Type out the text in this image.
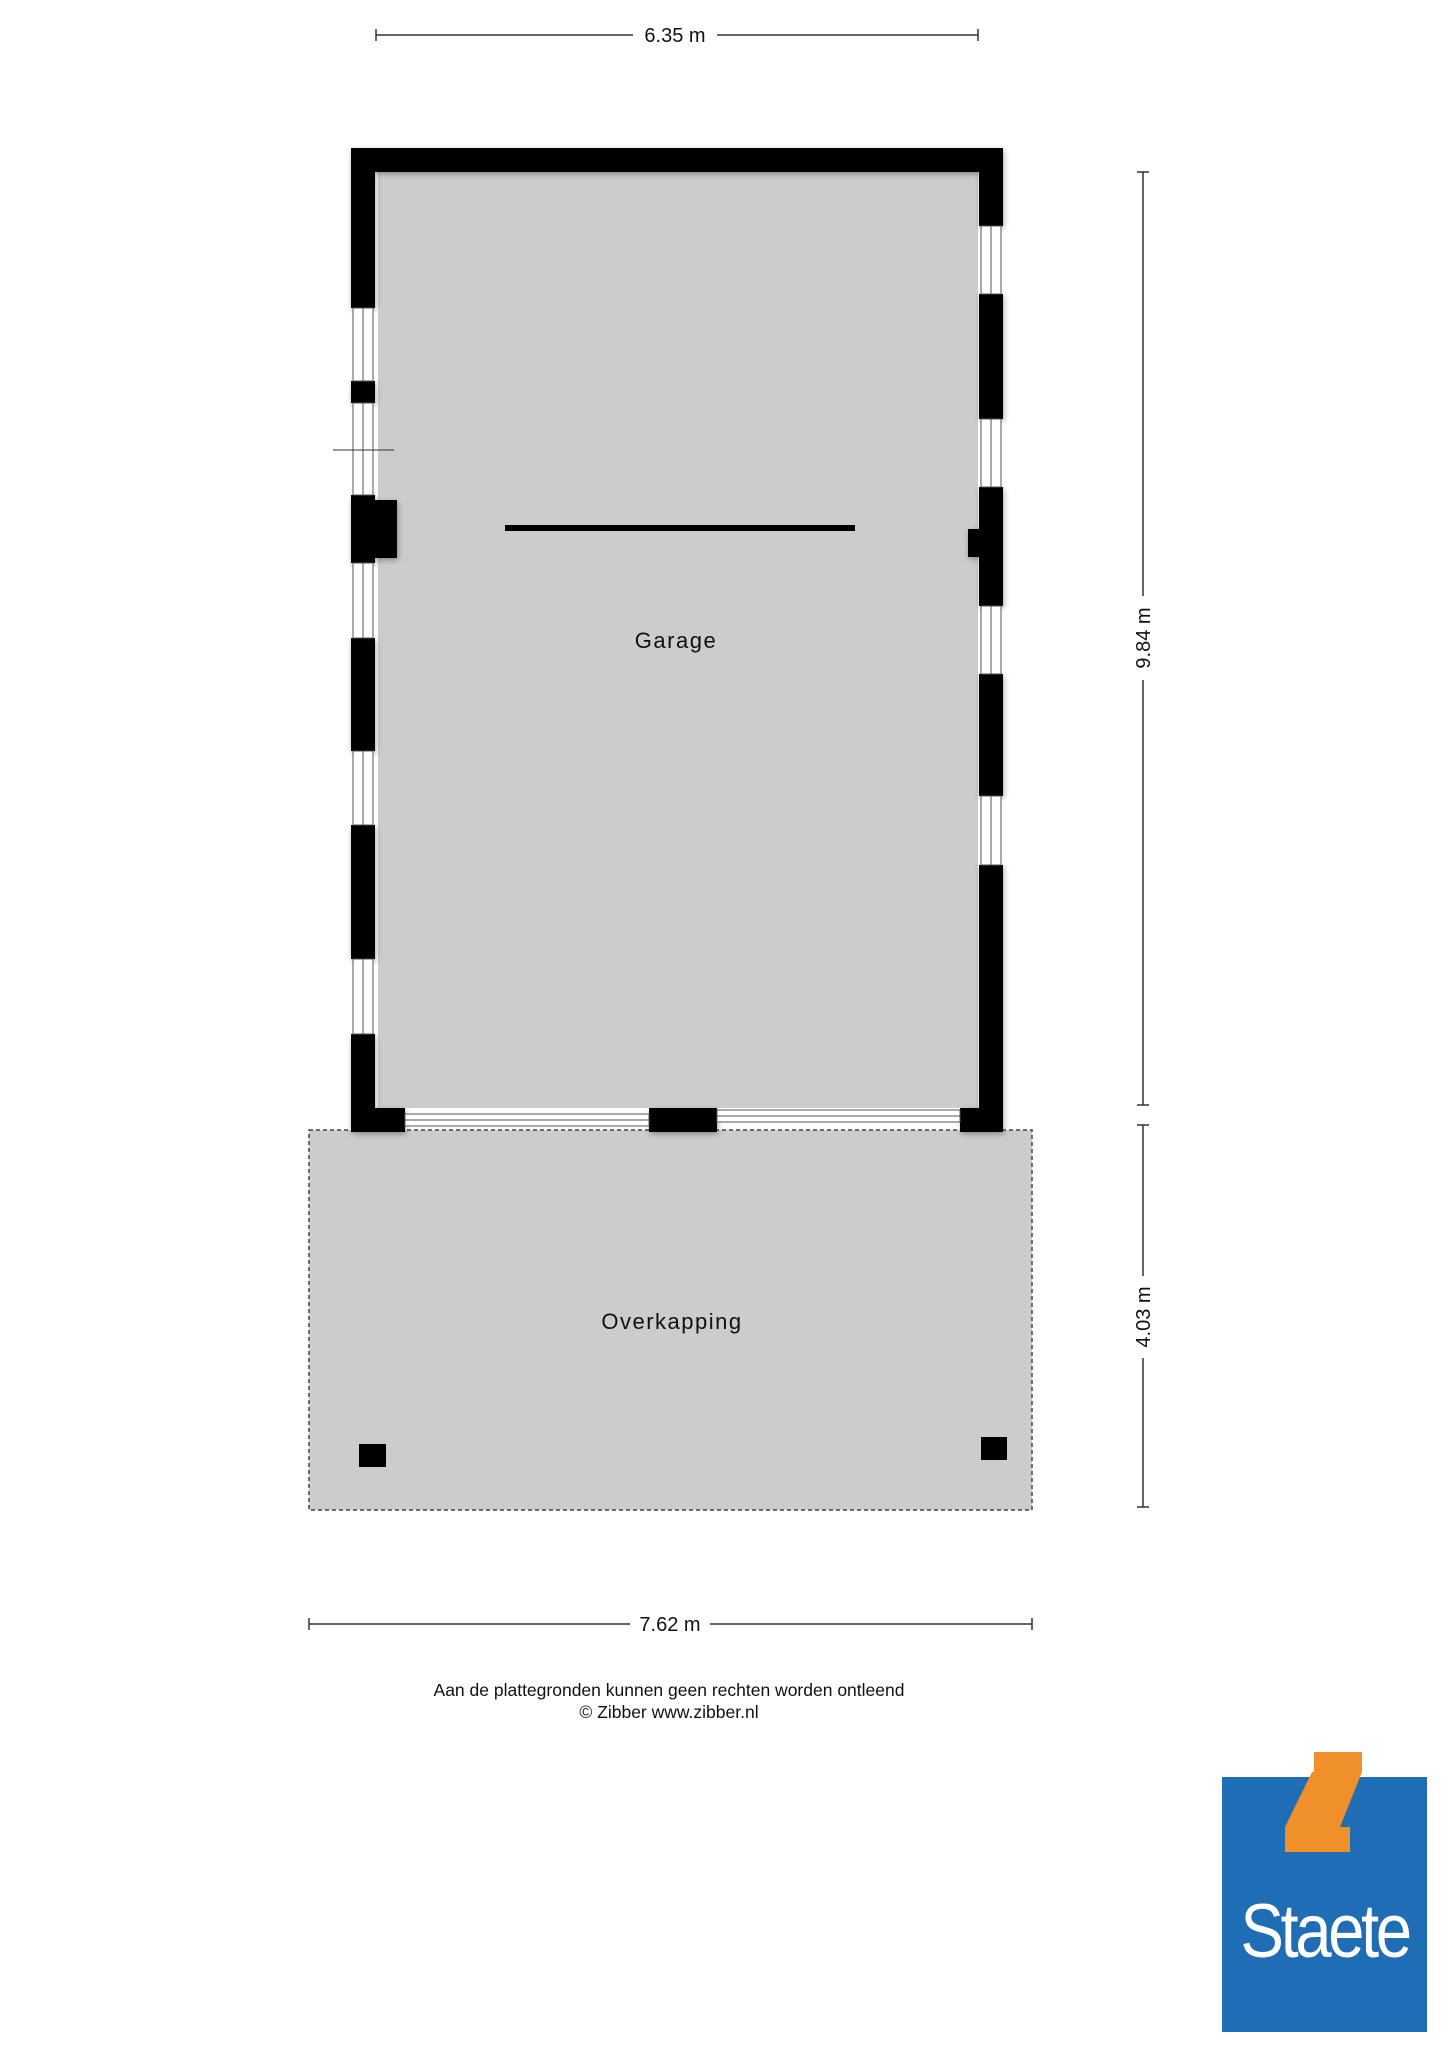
6.35 m
Overkapping
Garage	9.84 m
4.03 m
7.62 m
Aan de plattegronden kunnen geen rechten worden ontleend
© Zibber www.zibber.nl
Staete
